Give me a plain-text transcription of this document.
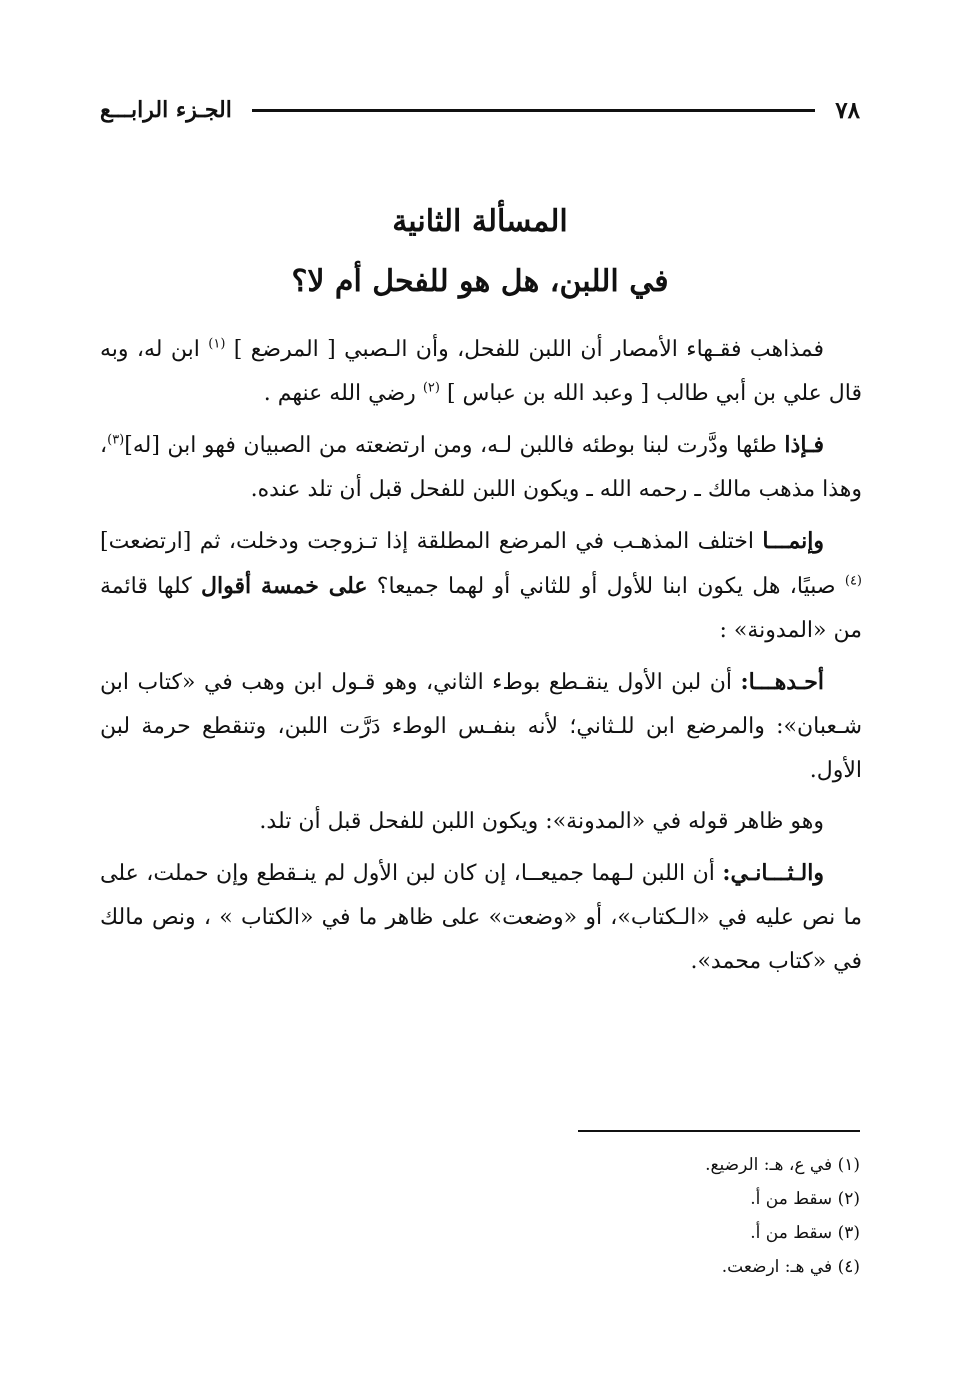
٧٨
الجـزء الرابـــع
المسألة الثانية
في اللبن، هل هو للفحل أم لا؟

فمذاهب فقـهاء الأمصار أن اللبن للفحل، وأن الـصبي [ المرضع ] $^{(١)}$ ابن له، وبه قال علي بن أبي طالب [ وعبد الله بن عباس ] $^{(٢)}$ رضي الله عنهم .

فـإذا طئها ودَّرت لبنا بوطئه فاللبن لـه، ومن ارتضعته من الصبيان فهو ابن [له]$^{(٣)}$، وهذا مذهب مالك ـ رحمه الله ـ ويكون اللبن للفحل قبل أن تلد عنده.

وإنمـــا اختلف المذهـب في المرضع المطلقة إذا تـزوجت ودخلت، ثم [ارتضعت]$^{(٤)}$ صبيًا، هل يكون ابنا للأول أو للثاني أو لهما جميعا؟ على خمسة أقوال كلها قائمة من «المدونة» :

أحـدهـــا: أن لبن الأول ينقـطع بوطء الثاني، وهو قـول ابن وهب في «كتاب ابن شـعبان»: والمرضع ابن للـثاني؛ لأنه بنفـس الوطء دَرَّت اللبن، وتنقطع حرمة لبن الأول.

وهو ظاهر قوله في «المدونة»: ويكون اللبن للفحل قبل أن تلد.

والـثـــانـي: أن اللبن لـهما جميعــا، إن كان لبن الأول لم ينـقطع وإن حملت، على ما نص عليه في «الـكتاب»، أو «وضعت» على ظاهر ما في «الكتاب » ، ونص مالك في «كتاب محمد».

(١) في ع، هـ: الرضيع.
(٢) سقط من أ.
(٣) سقط من أ.
(٤) في هـ: ارضعت.
